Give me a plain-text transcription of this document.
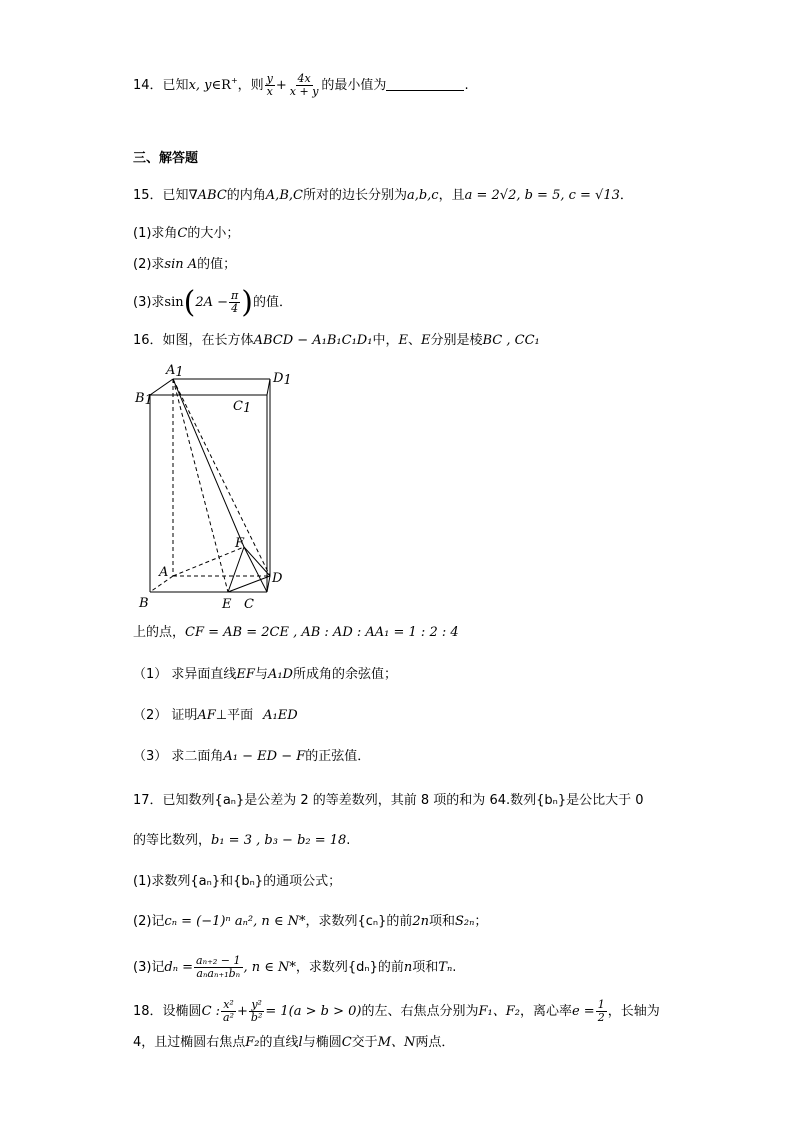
14．已知x, y∈R+，则 $\frac{y}{x} + \frac{4x}{x + y}$ 的最小值为	.
三、解答题
15．已知∇ABC的内角A,B,C所对的边长分别为a,b,c，且a = 2√2, b = 5, c = √13．
(1)求角C的大小；
(2)求sin A的值；
(3)求$\sin(2A - \frac{\pi}{4}$ )的值．
16．如图，在长方体ABCD − A₁B₁C₁D₁中，E、E分别是棱BC , CC₁
A1
B1	C1
D1
A
B	E C
D
F
上的点，CF = AB = 2CE , AB : AD : AA₁ = 1 : 2 : 4
（1） 求异面直线EF与A₁D所成角的余弦值；
（2） 证明AF⊥平面 A₁ED
（3） 求二面角A₁ − ED − F的正弦值．
17．已知数列{aₙ}是公差为 2 的等差数列，其前 8 项的和为 64.数列{bₙ}是公比大于 0
的等比数列，b₁ = 3 , b₃ − b₂ = 18.
(1)求数列{aₙ}和{bₙ}的通项公式；
(2)记cₙ = (−1)ⁿ aₙ², n ∈ N*，求数列{cₙ}的前2n项和S₂ₙ；
(3)记$d_n = \frac{\text{aₙ₊₂ − 1}}{\text{aₙaₙ₊₁bₙ}}$ , n ∈ N*，求数列{dₙ}的前n项和Tₙ.
18．设椭圆C : $\frac{\text{x²}}{\text{a²}} + \frac{\text{y²}}{\text{b²}} = 1(a > b > 0)$的左、右焦点分别为F₁、F₂，离心率$e = \frac{1}{2}$ ，长轴为
4，且过椭圆右焦点F₂的直线l与椭圆C交于M、N两点．
